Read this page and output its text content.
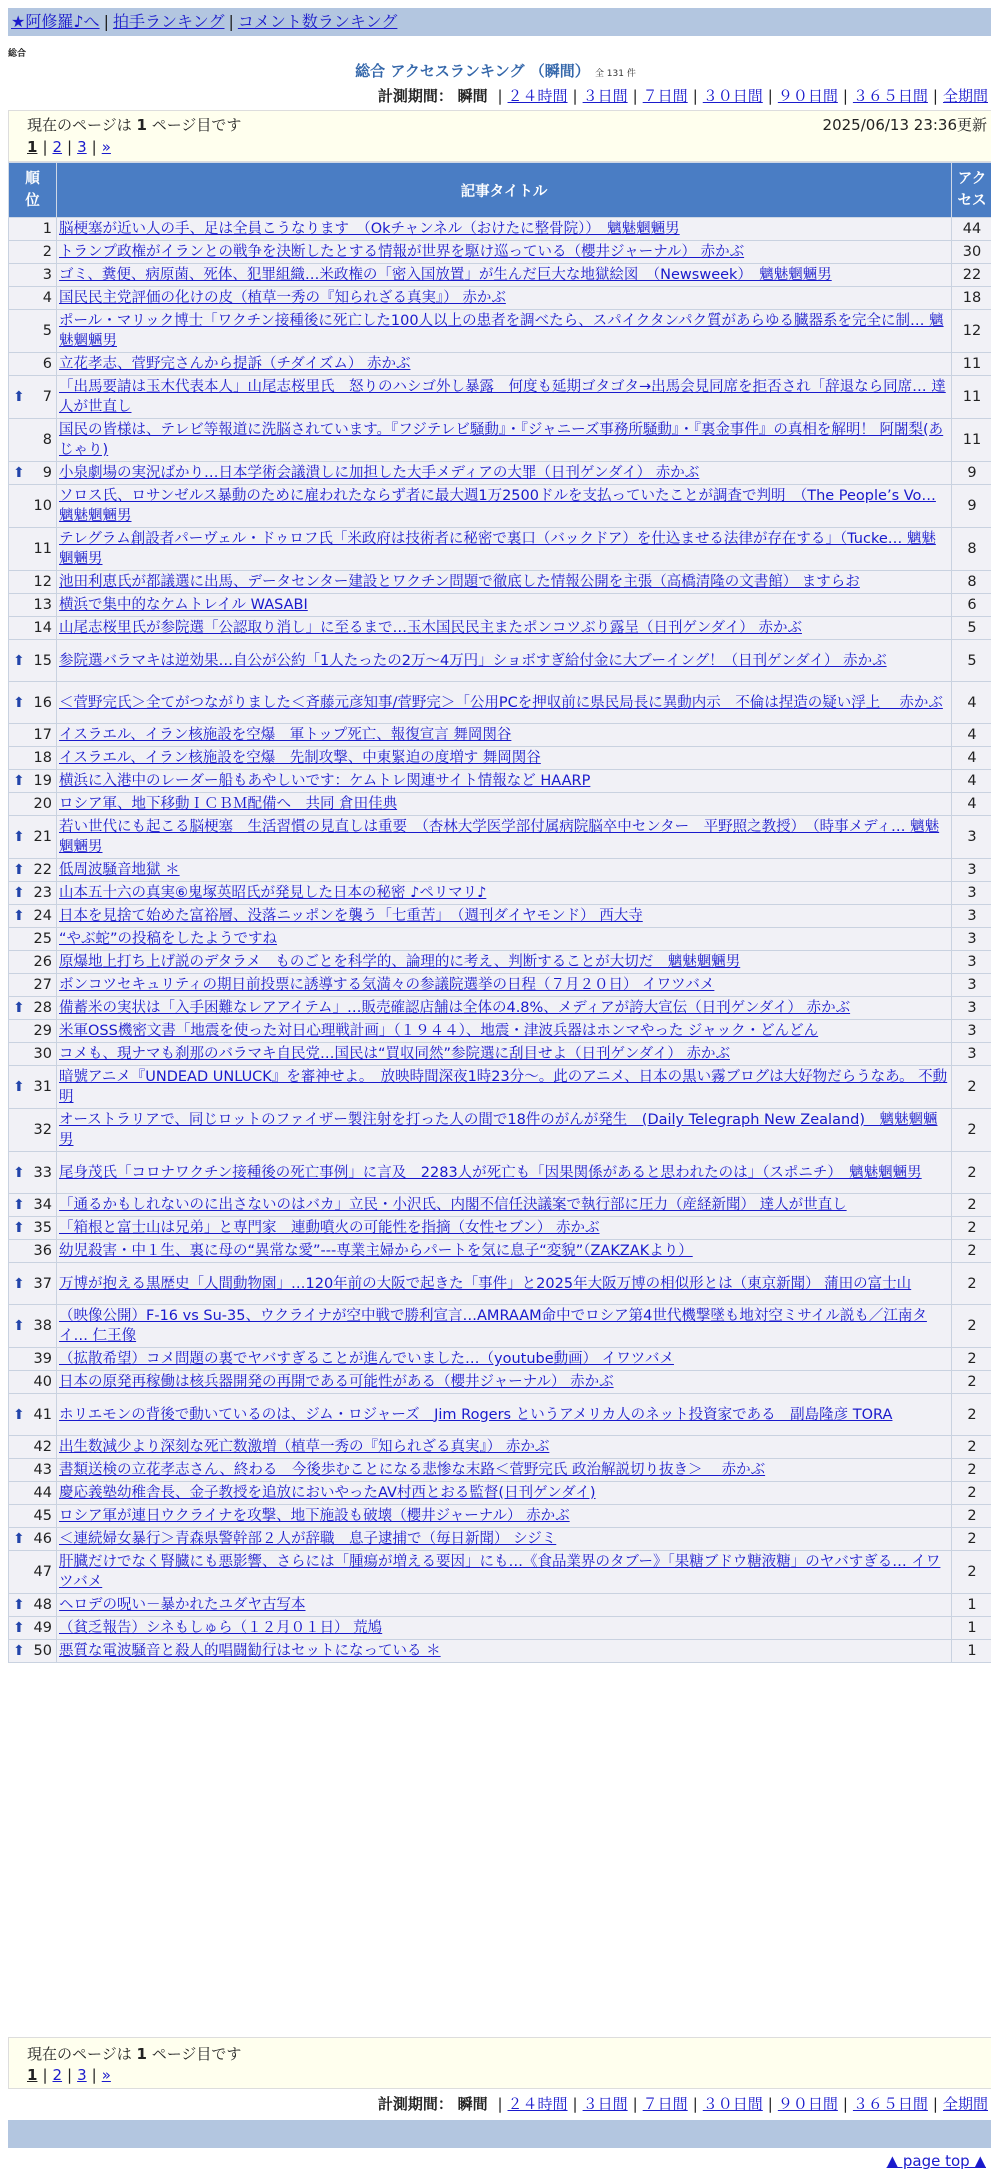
★阿修羅♪へ | 拍手ランキング | コメント数ランキング
総合
総合 アクセスランキング （瞬間） 全 131 件
計測期間： 瞬間 | ２４時間 | ３日間 | ７日間 | ３０日間 | ９０日間 | ３６５日間 | 全期間
現在のページは 1 ページ目です	2025/06/13 23:36更新
1 | 2 | 3 | »
順位	記事タイトル	アクセス
1	脳梗塞が近い人の手、足は全員こうなります　（Okチャンネル（おけたに整骨院））　魑魅魍魎男	44
2	トランプ政権がイランとの戦争を決断したとする情報が世界を駆け巡っている（櫻井ジャーナル） 赤かぶ	30
3	ゴミ、糞便、病原菌、死体、犯罪組織…米政権の「密入国放置」が生んだ巨大な地獄絵図　（Newsweek）　魑魅魍魎男	22
4	国民民主党評価の化けの皮（植草一秀の『知られざる真実』） 赤かぶ	18
5	ポール・マリック博士「ワクチン接種後に死亡した100人以上の患者を調べたら、スパイクタンパク質があらゆる臓器系を完全に制… 魑魅魍魎男	12
6	立花孝志、菅野完さんから提訴（チダイズム） 赤かぶ	11

⬆ 7	「出馬要請は玉木代表本人」山尾志桜里氏　怒りのハシゴ外し暴露　何度も延期ゴタゴタ→出馬会見同席を拒否され「辞退なら同席… 達人が世直し	11
8	国民の皆様は、テレビ等報道に洗脳されています。『フジテレビ騒動』・『ジャニーズ事務所騒動』・『裏金事件』の真相を解明！ 阿闍梨(あじゃり)	11

⬆ 9	小泉劇場の実況ばかり…日本学術会議潰しに加担した大手メディアの大罪（日刊ゲンダイ） 赤かぶ	9
10	ソロス氏、ロサンゼルス暴動のために雇われたならず者に最大週1万2500ドルを支払っていたことが調査で判明　（The People’s Vo… 魑魅魍魎男	9
11	テレグラム創設者パーヴェル・ドゥロフ氏「米政府は技術者に秘密で裏口（バックドア）を仕込ませる法律が存在する」（Tucke… 魑魅魍魎男	8
12	池田利恵氏が都議選に出馬、データセンター建設とワクチン問題で徹底した情報公開を主張（高橋清隆の文書館） ますらお	8
13	横浜で集中的なケムトレイル WASABI	6
14	山尾志桜里氏が参院選「公認取り消し」に至るまで…玉木国民民主またポンコツぶり露呈（日刊ゲンダイ） 赤かぶ	5

⬆ 15	参院選バラマキは逆効果…自公が公約「1人たったの2万～4万円」ショボすぎ給付金に大ブーイング！（日刊ゲンダイ） 赤かぶ	5

⬆ 16	＜菅野完氏＞全てがつながりました＜斉藤元彦知事/菅野完＞「公用PCを押収前に県民局長に異動内示　不倫は捏造の疑い浮上　 赤かぶ	4
17	イスラエル、イラン核施設を空爆　軍トップ死亡、報復宣言 舞岡関谷	4
18	イスラエル、イラン核施設を空爆　先制攻撃、中東緊迫の度増す 舞岡関谷	4

⬆ 19	横浜に入港中のレーダー船もあやしいです：ケムトレ関連サイト情報など HAARP	4
20	ロシア軍、地下移動ＩＣＢＭ配備へ　共同 倉田佳典	4

⬆ 21	若い世代にも起こる脳梗塞　生活習慣の見直しは重要　（杏林大学医学部付属病院脳卒中センター　平野照之教授）　（時事メディ… 魑魅魍魎男	3

⬆ 22	低周波騒音地獄 ＊	3

⬆ 23	山本五十六の真実⑥鬼塚英昭氏が発見した日本の秘密 ♪ペリマリ♪	3

⬆ 24	日本を見捨て始めた富裕層、没落ニッポンを襲う「七重苦」　（週刊ダイヤモンド） 西大寺	3
25	“やぶ蛇”の投稿をしたようですね	3
26	原爆地上打ち上げ説のデタラメ　ものごとを科学的、論理的に考え、判断することが大切だ　魑魅魍魎男	3
27	ボンコツセキュリティの期日前投票に誘導する気満々の参議院選挙の日程（７月２０日） イワツバメ	3

⬆ 28	備蓄米の実状は「入手困難なレアアイテム」…販売確認店舗は全体の4.8%、メディアが誇大宣伝（日刊ゲンダイ） 赤かぶ	3
29	米軍OSS機密文書「地震を使った対日心理戦計画」（１９４４）、地震・津波兵器はホンマやった ジャック・どんどん	3
30	コメも、現ナマも刹那のバラマキ自民党…国民は“買収同然”参院選に刮目せよ（日刊ゲンダイ） 赤かぶ	3

⬆ 31	暗號アニメ『UNDEAD UNLUCK』を審神せよ。　放映時間深夜1時23分～。此のアニメ、日本の黒い霧ブログは大好物だらうなあ。 不動明	2
32	オーストラリアで、同じロットのファイザー製注射を打った人の間で18件のがんが発生　(Daily Telegraph New Zealand)　魑魅魍魎男	2

⬆ 33	尾身茂氏「コロナワクチン接種後の死亡事例」に言及　2283人が死亡も「因果関係があると思われたのは」（スポニチ）　魑魅魍魎男	2

⬆ 34	「通るかもしれないのに出さないのはバカ」立民・小沢氏、内閣不信任決議案で執行部に圧力（産経新聞） 達人が世直し	2

⬆ 35	「箱根と富士山は兄弟」と専門家　連動噴火の可能性を指摘（女性セブン） 赤かぶ	2
36	幼児殺害・中１生、裏に母の“異常な愛”---専業主婦からパートを気に息子“変貌”（ZAKZAKより）	2

⬆ 37	万博が抱える黒歴史「人間動物園」…120年前の大阪で起きた「事件」と2025年大阪万博の相似形とは（東京新聞） 蒲田の富士山	2

⬆ 38	（映像公開）F-16 vs Su-35、ウクライナが空中戦で勝利宣言…AMRAAM命中でロシア第4世代機撃墜も地対空ミサイル説も／江南タイ… 仁王像	2
39	（拡散希望）コメ問題の裏でヤバすぎることが進んでいました…（youtube動画） イワツバメ	2
40	日本の原発再稼働は核兵器開発の再開である可能性がある（櫻井ジャーナル） 赤かぶ	2

⬆ 41	ホリエモンの背後で動いているのは、ジム・ロジャーズ　Jim Rogers というアメリカ人のネット投資家である　副島隆彦 TORA	2
42	出生数減少より深刻な死亡数激増（植草一秀の『知られざる真実』） 赤かぶ	2
43	書類送検の立花孝志さん、終わる　今後歩むことになる悲惨な末路＜菅野完氏 政治解説切り抜き＞　 赤かぶ	2
44	慶応義塾幼稚舎長、金子教授を追放においやったAV村西とおる監督(日刊ゲンダイ)	2
45	ロシア軍が連日ウクライナを攻撃、地下施設も破壊（櫻井ジャーナル） 赤かぶ	2

⬆ 46	＜連続婦女暴行＞青森県警幹部２人が辞職　息子逮捕で（毎日新聞） シジミ	2
47	肝臓だけでなく腎臓にも悪影響、さらには「腫瘍が増える要因」にも…《食品業界のタブー》「果糖ブドウ糖液糖」のヤバすぎる… イワツバメ	2

⬆ 48	ヘロデの呪い－暴かれたユダヤ古写本	1

⬆ 49	（貧乏報告）シネもしゅら（１２月０１日） 荒鳩	1

⬆ 50	悪質な電波騒音と殺人的唱闘勧行はセットになっている ＊	1
現在のページは 1 ページ目です
1 | 2 | 3 | »
計測期間： 瞬間 | ２４時間 | ３日間 | ７日間 | ３０日間 | ９０日間 | ３６５日間 | 全期間
▲ page top ▲
